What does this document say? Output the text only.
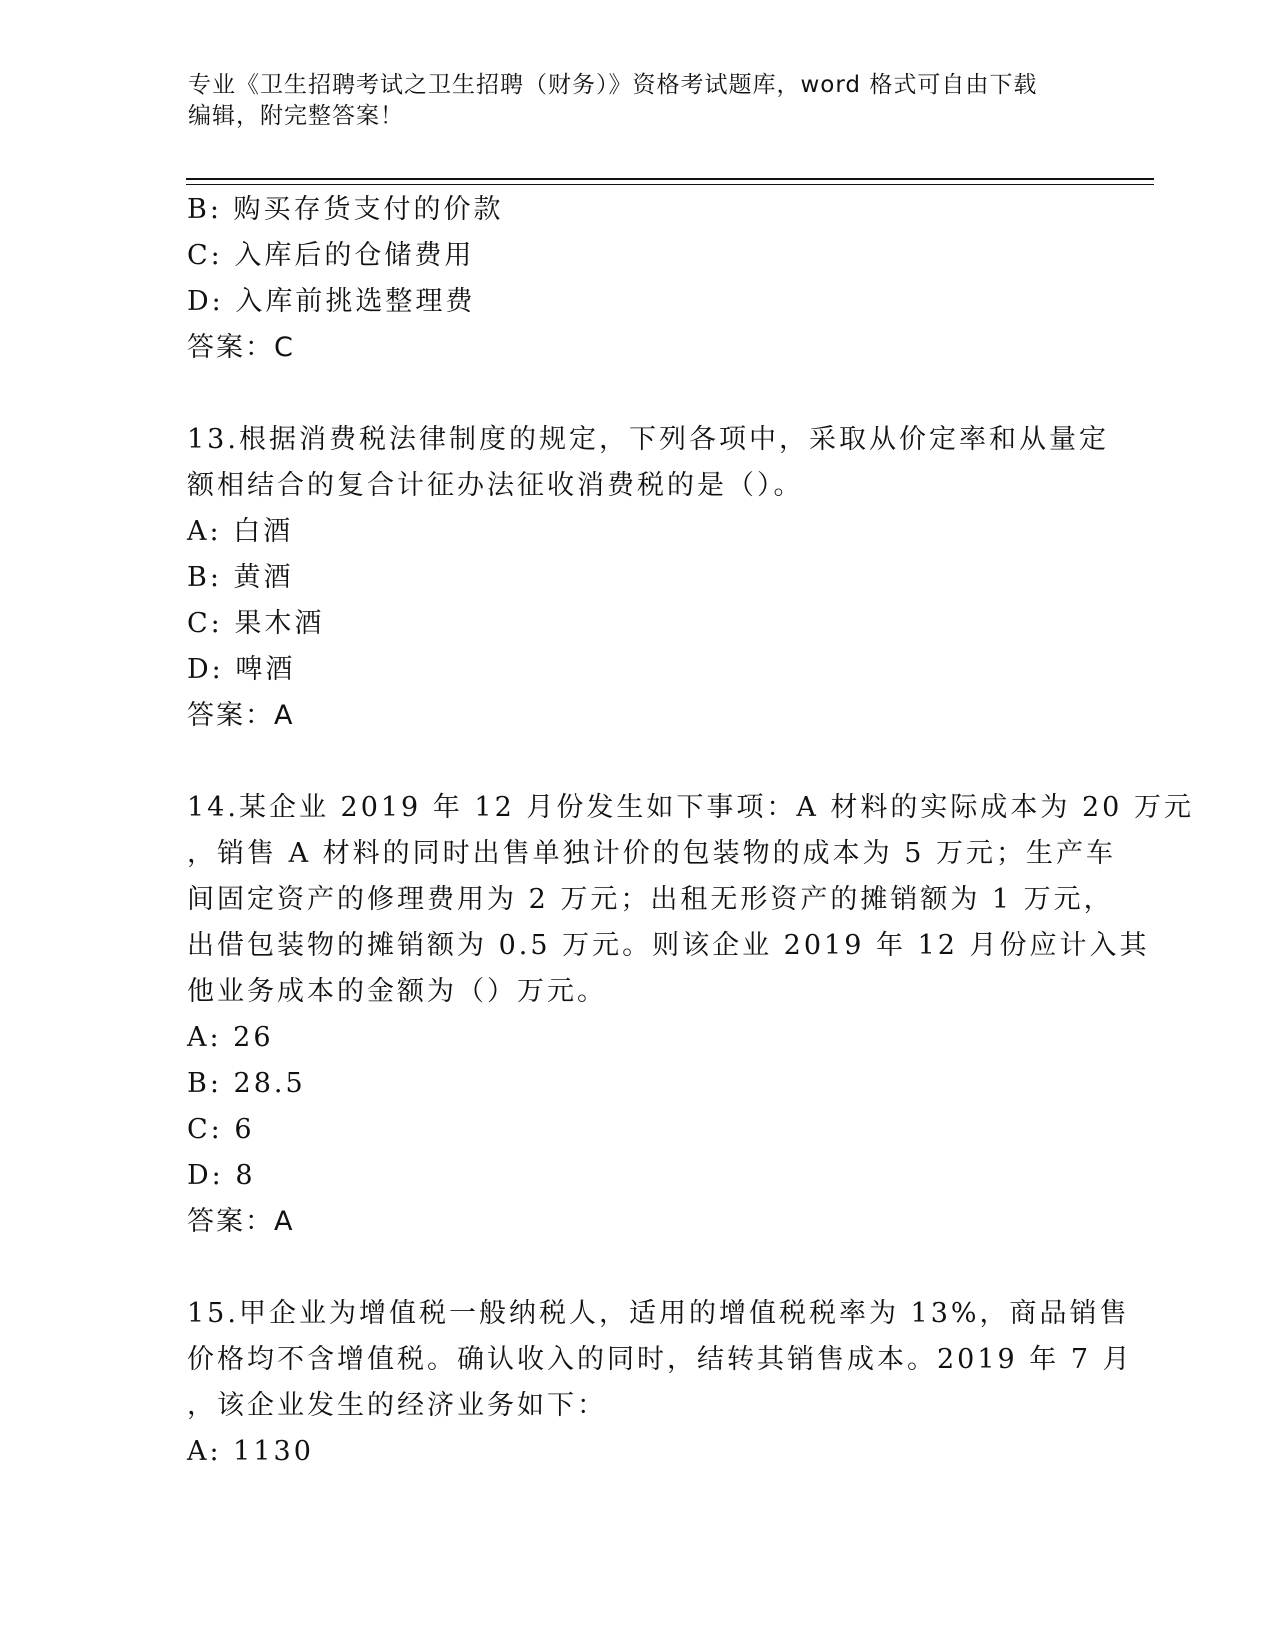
专业《卫生招聘考试之卫生招聘（财务）》资格考试题库，word 格式可自由下载
编辑，附完整答案！
B: 购买存货支付的价款
C: 入库后的仓储费用
D: 入库前挑选整理费
答案：C
13.根据消费税法律制度的规定，下列各项中，采取从价定率和从量定
额相结合的复合计征办法征收消费税的是（）。
A: 白酒
B: 黄酒
C: 果木酒
D: 啤酒
答案：A
14.某企业 2019 年 12 月份发生如下事项：A 材料的实际成本为 20 万元
，销售 A 材料的同时出售单独计价的包装物的成本为 5 万元；生产车
间固定资产的修理费用为 2 万元；出租无形资产的摊销额为 1 万元，
出借包装物的摊销额为 0.5 万元。则该企业 2019 年 12 月份应计入其
他业务成本的金额为（）万元。
A: 26
B: 28.5
C: 6
D: 8
答案：A
15.甲企业为增值税一般纳税人，适用的增值税税率为 13%，商品销售
价格均不含增值税。确认收入的同时，结转其销售成本。2019 年 7 月
，该企业发生的经济业务如下：
A: 1130
